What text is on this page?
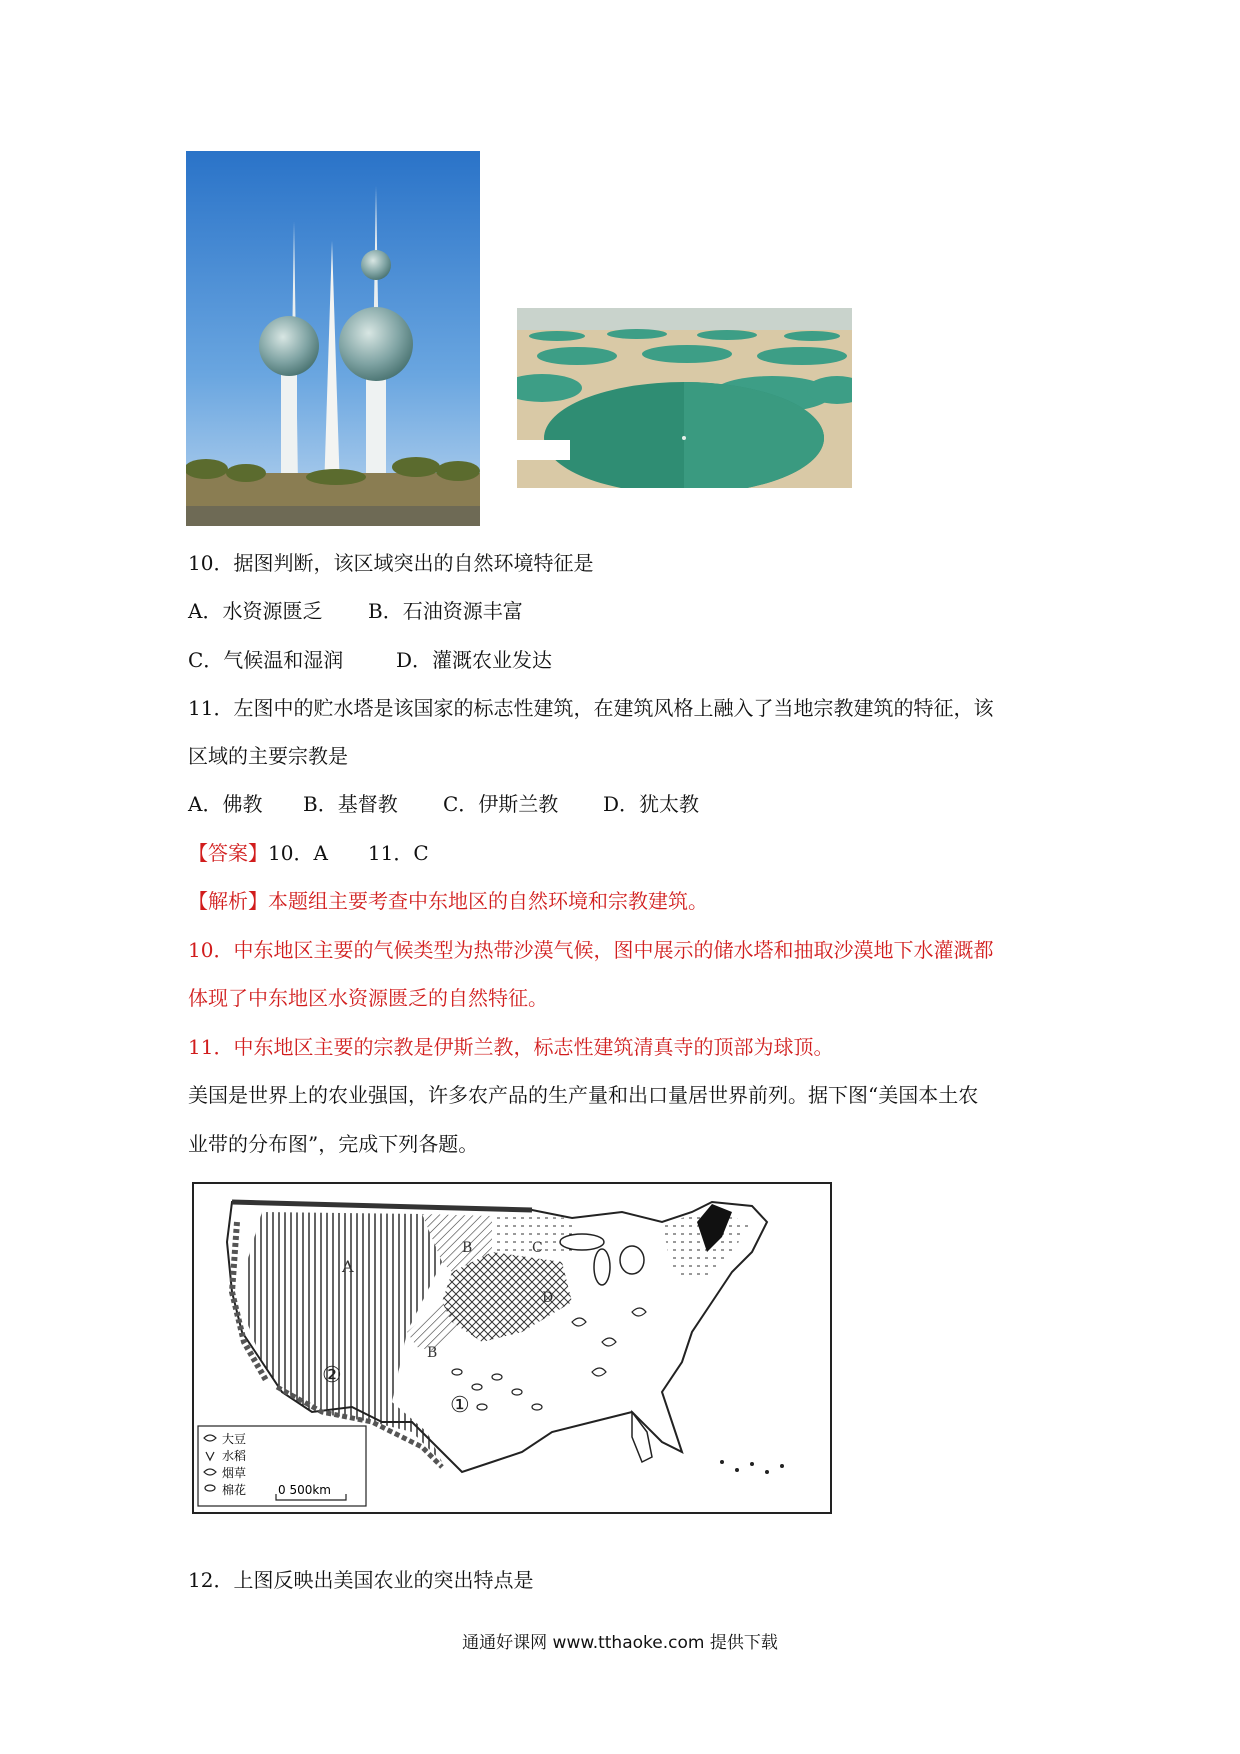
10．据图判断，该区域突出的自然环境特征是
A．水资源匮乏 B．石油资源丰富
C．气候温和湿润	D．灌溉农业发达
11．左图中的贮水塔是该国家的标志性建筑，在建筑风格上融入了当地宗教建筑的特征，该
区域的主要宗教是
A．佛教 B．基督教 C．伊斯兰教 D．犹太教
【答案】10．A　　11．C
【解析】本题组主要考查中东地区的自然环境和宗教建筑。
10．中东地区主要的气候类型为热带沙漠气候，图中展示的储水塔和抽取沙漠地下水灌溉都
体现了中东地区水资源匮乏的自然特征。
11．中东地区主要的宗教是伊斯兰教，标志性建筑清真寺的顶部为球顶。
美国是世界上的农业强国，许多农产品的生产量和出口量居世界前列。据下图“美国本土农
业带的分布图”，完成下列各题。
A
B
B
C
D
①
②
大豆
水稻
烟草
棉花	0 500km
12．上图反映出美国农业的突出特点是
通通好课网 www.tthaoke.com 提供下载
